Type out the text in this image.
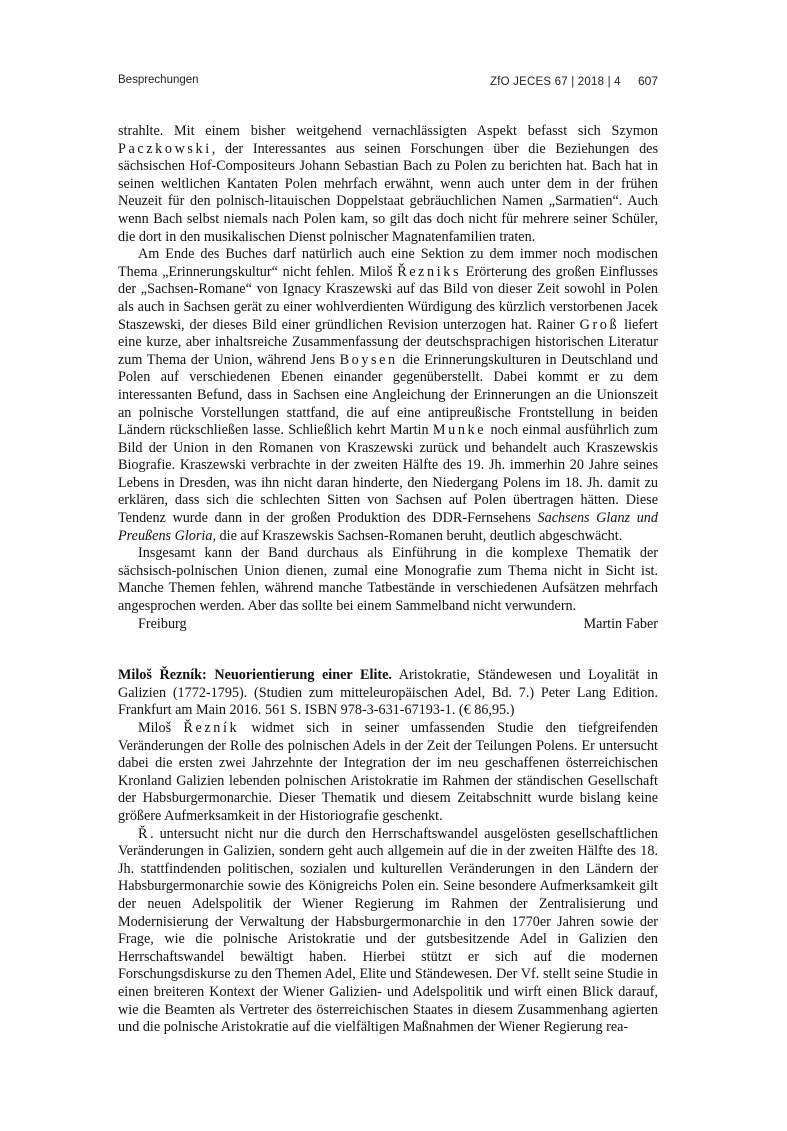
Besprechungen	ZfO JECES 67 | 2018 | 4 607

strahlte. Mit einem bisher weitgehend vernachlässigten Aspekt befasst sich Szymon Paczkowski, der Interessantes aus seinen Forschungen über die Beziehungen des sächsischen Hof-Compositeurs Johann Sebastian Bach zu Polen zu berichten hat. Bach hat in seinen weltlichen Kantaten Polen mehrfach erwähnt, wenn auch unter dem in der frühen Neuzeit für den polnisch-litauischen Doppelstaat gebräuchlichen Namen „Sarmatien“. Auch wenn Bach selbst niemals nach Polen kam, so gilt das doch nicht für mehrere seiner Schüler, die dort in den musikalischen Dienst polnischer Magnatenfamilien traten.

Am Ende des Buches darf natürlich auch eine Sektion zu dem immer noch modischen Thema „Erinnerungskultur“ nicht fehlen. Miloš Řezniks Erörterung des großen Einflusses der „Sachsen-Romane“ von Ignacy Kraszewski auf das Bild von dieser Zeit sowohl in Polen als auch in Sachsen gerät zu einer wohlverdienten Würdigung des kürzlich verstorbenen Jacek Staszewski, der dieses Bild einer gründlichen Revision unterzogen hat. Rainer Groß liefert eine kurze, aber inhaltsreiche Zusammenfassung der deutschsprachigen historischen Literatur zum Thema der Union, während Jens Boysen die Erinnerungskulturen in Deutschland und Polen auf verschiedenen Ebenen einander gegenüberstellt. Dabei kommt er zu dem interessanten Befund, dass in Sachsen eine Angleichung der Erinnerungen an die Unionszeit an polnische Vorstellungen stattfand, die auf eine antipreußische Frontstellung in beiden Ländern rückschließen lasse. Schließlich kehrt Martin Munke noch einmal ausführlich zum Bild der Union in den Romanen von Kraszewski zurück und behandelt auch Kraszewskis Biografie. Kraszewski verbrachte in der zweiten Hälfte des 19. Jh. immerhin 20 Jahre seines Lebens in Dresden, was ihn nicht daran hinderte, den Niedergang Polens im 18. Jh. damit zu erklären, dass sich die schlechten Sitten von Sachsen auf Polen übertragen hätten. Diese Tendenz wurde dann in der großen Produktion des DDR-Fernsehens Sachsens Glanz und Preußens Gloria, die auf Kraszewskis Sachsen-Romanen beruht, deutlich abgeschwächt.

Insgesamt kann der Band durchaus als Einführung in die komplexe Thematik der sächsisch-polnischen Union dienen, zumal eine Monografie zum Thema nicht in Sicht ist. Manche Themen fehlen, während manche Tatbestände in verschiedenen Aufsätzen mehrfach angesprochen werden. Aber das sollte bei einem Sammelband nicht verwundern.

Freiburg	Martin Faber

Miloš Řezník: Neuorientierung einer Elite. Aristokratie, Ständewesen und Loyalität in Galizien (1772-1795). (Studien zum mitteleuropäischen Adel, Bd. 7.) Peter Lang Edition. Frankfurt am Main 2016. 561 S. ISBN 978-3-631-67193-1. (€ 86,95.)

Miloš Řezník widmet sich in seiner umfassenden Studie den tiefgreifenden Veränderungen der Rolle des polnischen Adels in der Zeit der Teilungen Polens. Er untersucht dabei die ersten zwei Jahrzehnte der Integration der im neu geschaffenen österreichischen Kronland Galizien lebenden polnischen Aristokratie im Rahmen der ständischen Gesellschaft der Habsburgermonarchie. Dieser Thematik und diesem Zeitabschnitt wurde bislang keine größere Aufmerksamkeit in der Historiografie geschenkt.

Ř. untersucht nicht nur die durch den Herrschaftswandel ausgelösten gesellschaftlichen Veränderungen in Galizien, sondern geht auch allgemein auf die in der zweiten Hälfte des 18. Jh. stattfindenden politischen, sozialen und kulturellen Veränderungen in den Ländern der Habsburgermonarchie sowie des Königreichs Polen ein. Seine besondere Aufmerksamkeit gilt der neuen Adelspolitik der Wiener Regierung im Rahmen der Zentralisierung und Modernisierung der Verwaltung der Habsburgermonarchie in den 1770er Jahren sowie der Frage, wie die polnische Aristokratie und der gutsbesitzende Adel in Galizien den Herrschaftswandel bewältigt haben. Hierbei stützt er sich auf die modernen Forschungsdiskurse zu den Themen Adel, Elite und Ständewesen. Der Vf. stellt seine Studie in einen breiteren Kontext der Wiener Galizien- und Adelspolitik und wirft einen Blick darauf, wie die Beamten als Vertreter des österreichischen Staates in diesem Zusammenhang agierten und die polnische Aristokratie auf die vielfältigen Maßnahmen der Wiener Regierung rea-
